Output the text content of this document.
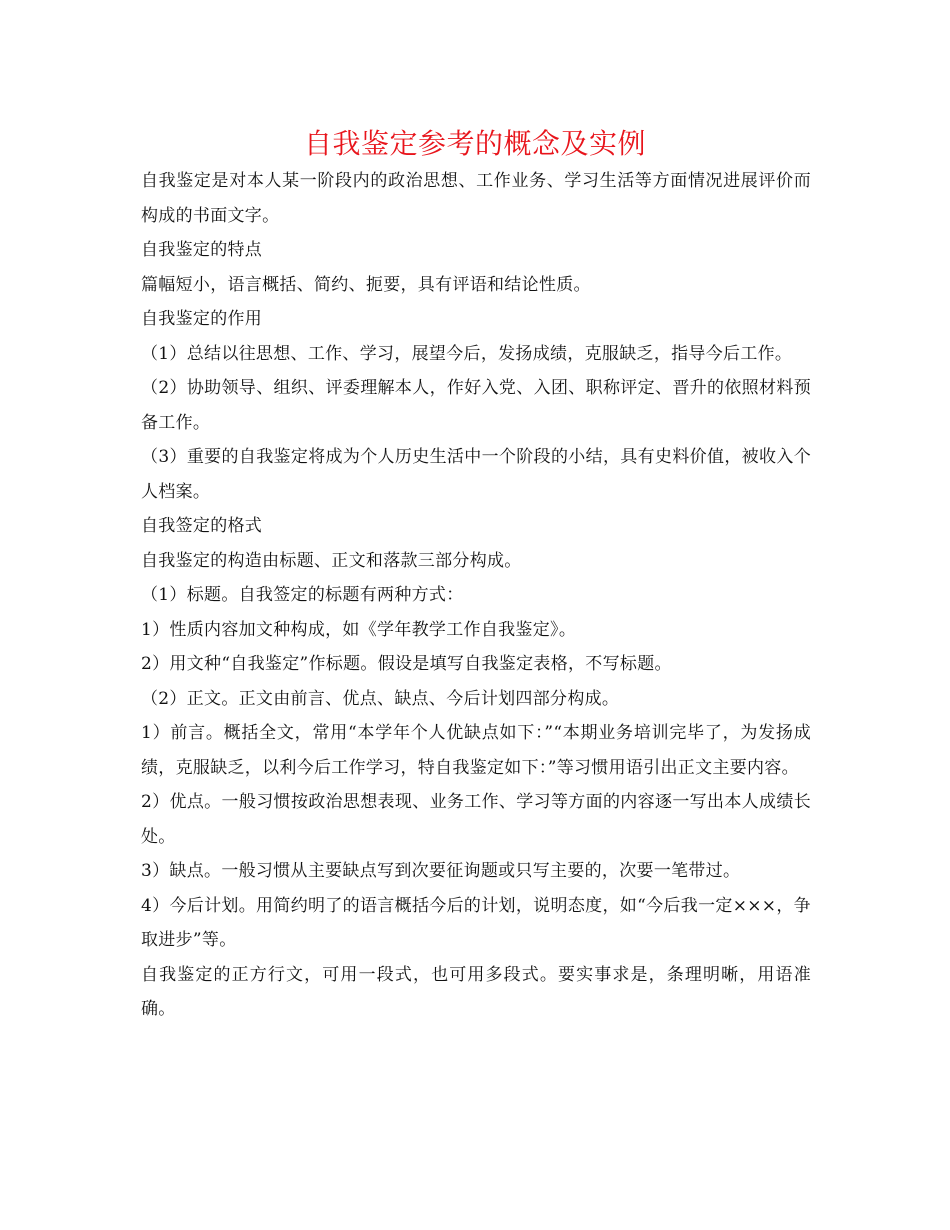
自我鉴定参考的概念及实例

自我鉴定是对本人某一阶段内的政治思想、工作业务、学习生活等方面情况进展评价而构成的书面文字。

自我鉴定的特点

篇幅短小，语言概括、简约、扼要，具有评语和结论性质。

自我鉴定的作用

（1）总结以往思想、工作、学习，展望今后，发扬成绩，克服缺乏，指导今后工作。

（2）协助领导、组织、评委理解本人，作好入党、入团、职称评定、晋升的依照材料预备工作。

（3）重要的自我鉴定将成为个人历史生活中一个阶段的小结，具有史料价值，被收入个人档案。

自我签定的格式

自我鉴定的构造由标题、正文和落款三部分构成。

（1）标题。自我签定的标题有两种方式：

1）性质内容加文种构成，如《学年教学工作自我鉴定》。

2）用文种“自我鉴定”作标题。假设是填写自我鉴定表格，不写标题。

（2）正文。正文由前言、优点、缺点、今后计划四部分构成。

1）前言。概括全文，常用“本学年个人优缺点如下：”“本期业务培训完毕了，为发扬成绩，克服缺乏，以利今后工作学习，特自我鉴定如下：”等习惯用语引出正文主要内容。

2）优点。一般习惯按政治思想表现、业务工作、学习等方面的内容逐一写出本人成绩长处。

3）缺点。一般习惯从主要缺点写到次要征询题或只写主要的，次要一笔带过。

4）今后计划。用简约明了的语言概括今后的计划，说明态度，如“今后我一定×××，争取进步”等。

自我鉴定的正方行文，可用一段式，也可用多段式。要实事求是，条理明晰，用语准确。
